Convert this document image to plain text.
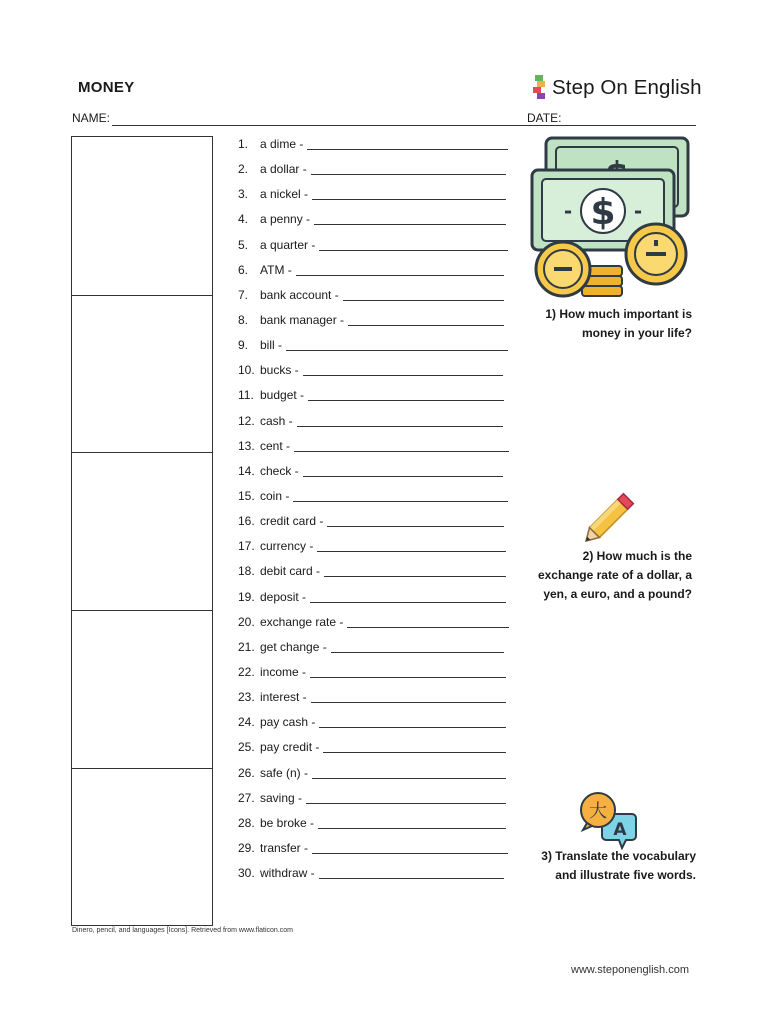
MONEY	Step On English
NAME:	DATE:
1. a dime -
2. a dollar -
3. a nickel -
4. a penny -
5. a quarter -
6. ATM -
7. bank account -
8. bank manager -
9. bill -
10. bucks -
11. budget -
12. cash -
13. cent -
14. check -
15. coin -
16. credit card -
17. currency -
18. debit card -
19. deposit -
20. exchange rate -
21. get change -
22. income -
23. interest -
24. pay cash -
25. pay credit -
26. safe (n) -
27. saving -
28. be broke -
29. transfer -
30. withdraw -
$
-	-
1) How much important is
money in your life?
2) How much is the
exchange rate of a dollar, a
yen, a euro, and a pound?
A
大
3) Translate the vocabulary
and illustrate five words.
Dinero, pencil, and languages [Icons]. Retrieved from www.flaticon.com
www.steponenglish.com
